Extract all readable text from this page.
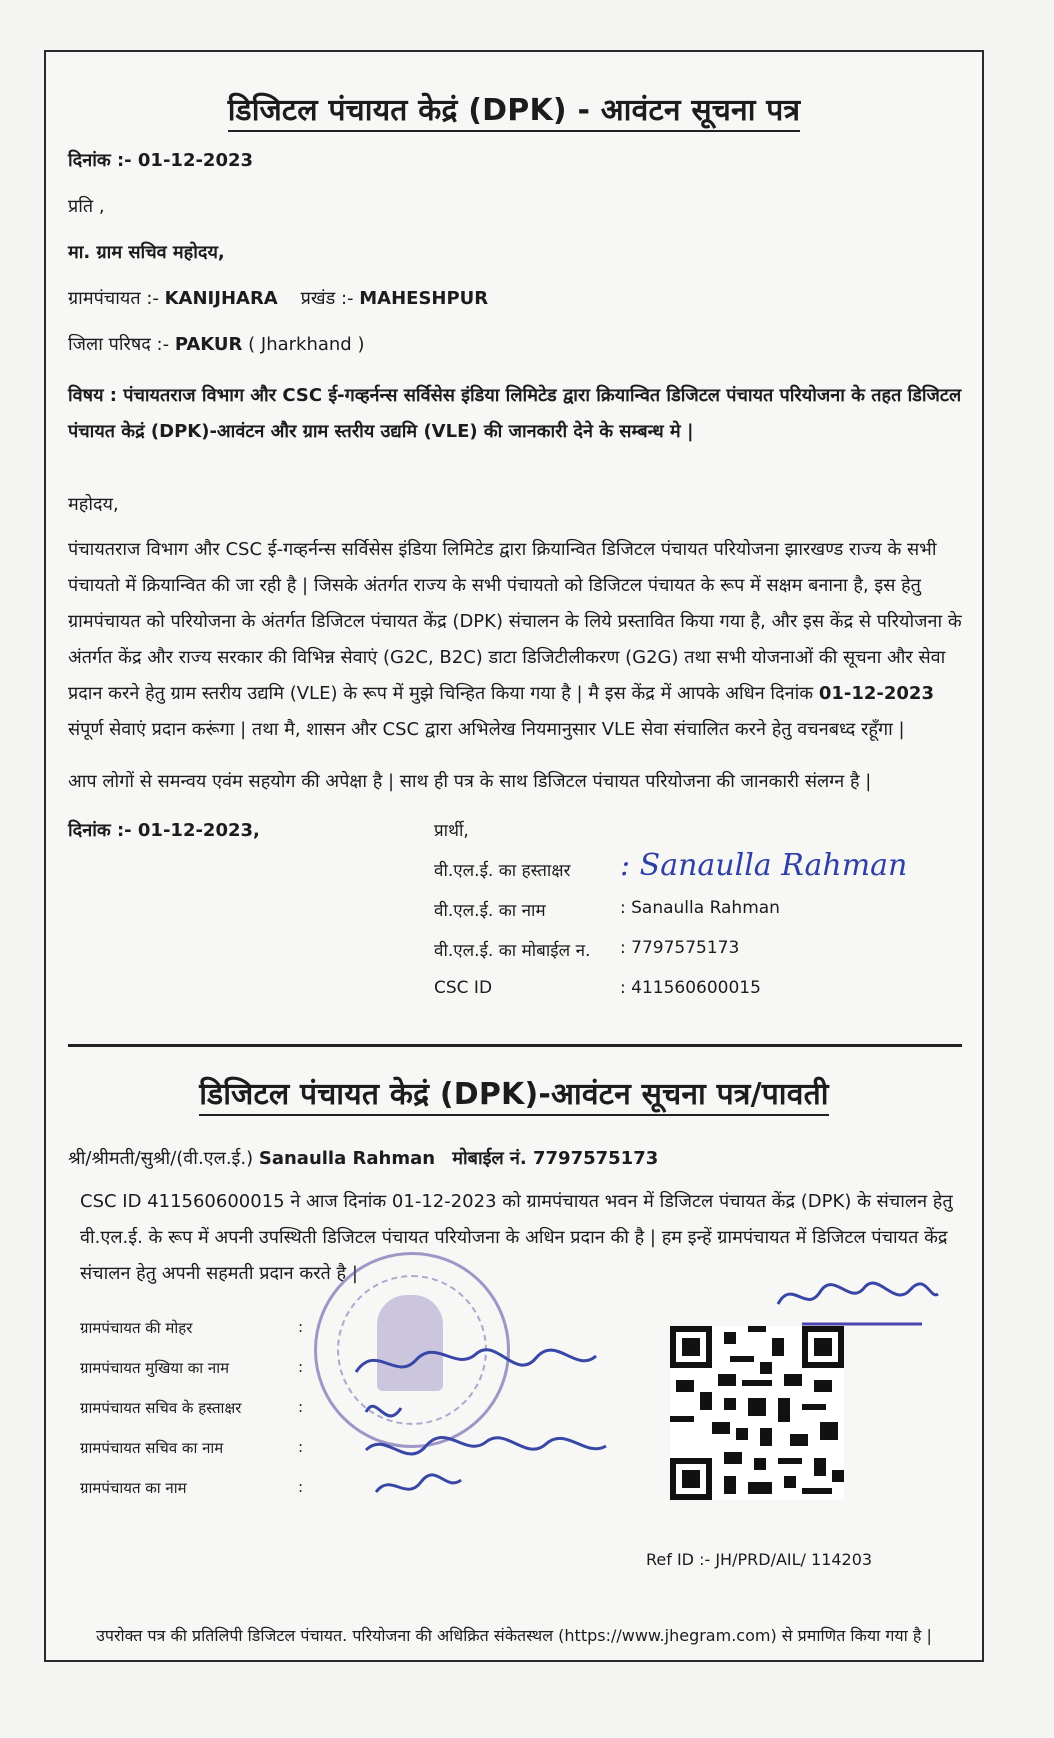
डिजिटल पंचायत केद्रं (DPK) - आवंटन सूचना पत्र
दिनांक :- 01-12-2023
प्रति ,
मा. ग्राम सचिव महोदय,
ग्रामपंचायत :- KANIJHARA प्रखंड :- MAHESHPUR
जिला परिषद :- PAKUR ( Jharkhand )
विषय : पंचायतराज विभाग और CSC ई-गव्हर्नन्स सर्विसेस इंडिया लिमिटेड द्वारा क्रियान्वित डिजिटल पंचायत परियोजना के तहत डिजिटल पंचायत केद्रं (DPK)-आवंटन और ग्राम स्तरीय उद्यमि (VLE) की जानकारी देने के सम्बन्ध मे |
महोदय,
पंचायतराज विभाग और CSC ई-गव्हर्नन्स सर्विसेस इंडिया लिमिटेड द्वारा क्रियान्वित डिजिटल पंचायत परियोजना झारखण्ड राज्य के सभी पंचायतो में क्रियान्वित की जा रही है | जिसके अंतर्गत राज्य के सभी पंचायतो को डिजिटल पंचायत के रूप में सक्षम बनाना है, इस हेतु ग्रामपंचायत को परियोजना के अंतर्गत डिजिटल पंचायत केंद्र (DPK) संचालन के लिये प्रस्तावित किया गया है, और इस केंद्र से परियोजना के अंतर्गत केंद्र और राज्य सरकार की विभिन्न सेवाएं (G2C, B2C) डाटा डिजिटीलीकरण (G2G) तथा सभी योजनाओं की सूचना और सेवा प्रदान करने हेतु ग्राम स्तरीय उद्यमि (VLE) के रूप में मुझे चिन्हित किया गया है | मै इस केंद्र में आपके अधिन दिनांक 01-12-2023 संपूर्ण सेवाएं प्रदान करूंगा | तथा मै, शासन और CSC द्वारा अभिलेख नियमानुसार VLE सेवा संचालित करने हेतु वचनबध्द रहूँगा |
आप लोगों से समन्वय एवंम सहयोग की अपेक्षा है | साथ ही पत्र के साथ डिजिटल पंचायत परियोजना की जानकारी संलग्न है |
दिनांक :- 01-12-2023,	प्रार्थी,
वी.एल.ई. का हस्ताक्षर : Sanaulla Rahman
वी.एल.ई. का नाम	: Sanaulla Rahman
वी.एल.ई. का मोबाईल न. : 7797575173
CSC ID	: 411560600015
डिजिटल पंचायत केद्रं (DPK)-आवंटन सूचना पत्र/पावती
श्री/श्रीमती/सुश्री/(वी.एल.ई.) Sanaulla Rahman मोबाईल नं. 7797575173
CSC ID 411560600015 ने आज दिनांक 01-12-2023 को ग्रामपंचायत भवन में डिजिटल पंचायत केंद्र (DPK) के संचालन हेतु वी.एल.ई. के रूप में अपनी उपस्थिती डिजिटल पंचायत परियोजना के अधिन प्रदान की है | हम इन्हें ग्रामपंचायत में डिजिटल पंचायत केंद्र संचालन हेतु अपनी सहमती प्रदान करते है |
ग्रामपंचायत की मोहर	:
ग्रामपंचायत मुखिया का नाम	:
ग्रामपंचायत सचिव के हस्ताक्षर	:
ग्रामपंचायत सचिव का नाम	:
ग्रामपंचायत का नाम	:
Ref ID :- JH/PRD/AIL/ 114203
उपरोक्त पत्र की प्रतिलिपी डिजिटल पंचायत. परियोजना की अधिक्रित संकेतस्थल (https://www.jhegram.com) से प्रमाणित किया गया है |
